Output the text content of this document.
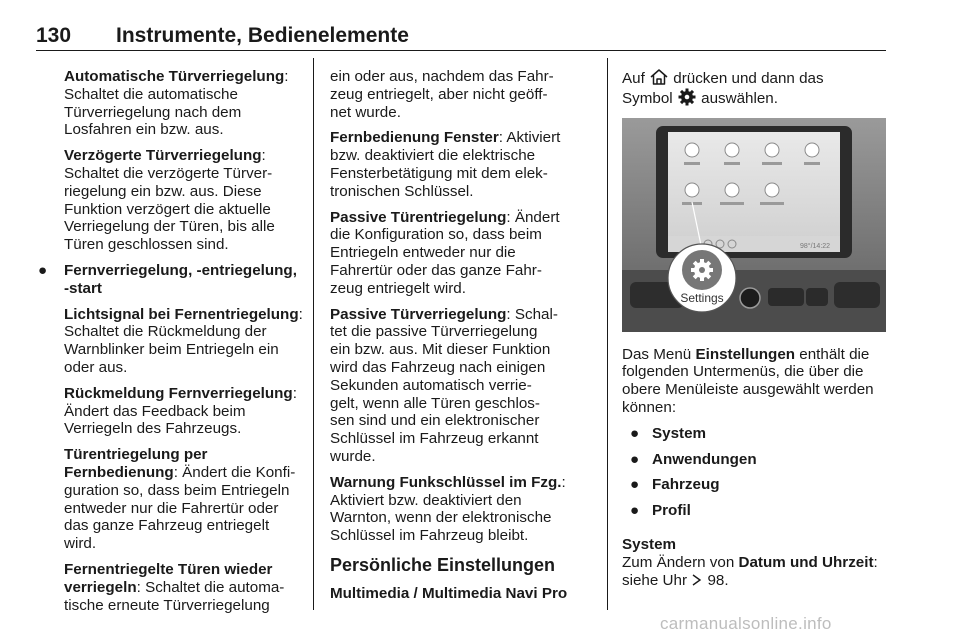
130 Instrumente, Bedienelemente

Automatische Türverriegelung:
Schaltet die automatische
Türverriegelung nach dem
Losfahren ein bzw. aus.

Verzögerte Türverriegelung:
Schaltet die verzögerte Türver-
riegelung ein bzw. aus. Diese
Funktion verzögert die aktuelle
Verriegelung der Türen, bis alle
Türen geschlossen sind.

● Fernverriegelung, -entriegelung,
-start

Lichtsignal bei Fernentriegelung:
Schaltet die Rückmeldung der
Warnblinker beim Entriegeln ein
oder aus.

Rückmeldung Fernverriegelung:
Ändert das Feedback beim
Verriegeln des Fahrzeugs.

Türentriegelung per
Fernbedienung: Ändert die Konfi-
guration so, dass beim Entriegeln
entweder nur die Fahrertür oder
das ganze Fahrzeug entriegelt
wird.

Fernentriegelte Türen wieder
verriegeln: Schaltet die automa-
tische erneute Türverriegelung

ein oder aus, nachdem das Fahr-
zeug entriegelt, aber nicht geöff-
net wurde.

Fernbedienung Fenster: Aktiviert
bzw. deaktiviert die elektrische
Fensterbetätigung mit dem elek-
tronischen Schlüssel.

Passive Türentriegelung: Ändert
die Konfiguration so, dass beim
Entriegeln entweder nur die
Fahrertür oder das ganze Fahr-
zeug entriegelt wird.

Passive Türverriegelung: Schal-
tet die passive Türverriegelung
ein bzw. aus. Mit dieser Funktion
wird das Fahrzeug nach einigen
Sekunden automatisch verrie-
gelt, wenn alle Türen geschlos-
sen sind und ein elektronischer
Schlüssel im Fahrzeug erkannt
wurde.

Warnung Funkschlüssel im Fzg.:
Aktiviert bzw. deaktiviert den
Warnton, wenn der elektronische
Schlüssel im Fahrzeug bleibt.

Persönliche Einstellungen
Multimedia / Multimedia Navi Pro

Auf drücken und dann das
Symbol auswählen.

98°/14:22
Settings

Das Menü Einstellungen enthält die
folgenden Untermenüs, die über die
obere Menüleiste ausgewählt werden
können:

● System
● Anwendungen
● Fahrzeug
● Profil
System

Zum Ändern von Datum und Uhrzeit:
siehe Uhr 98.

carmanualsonline.info
